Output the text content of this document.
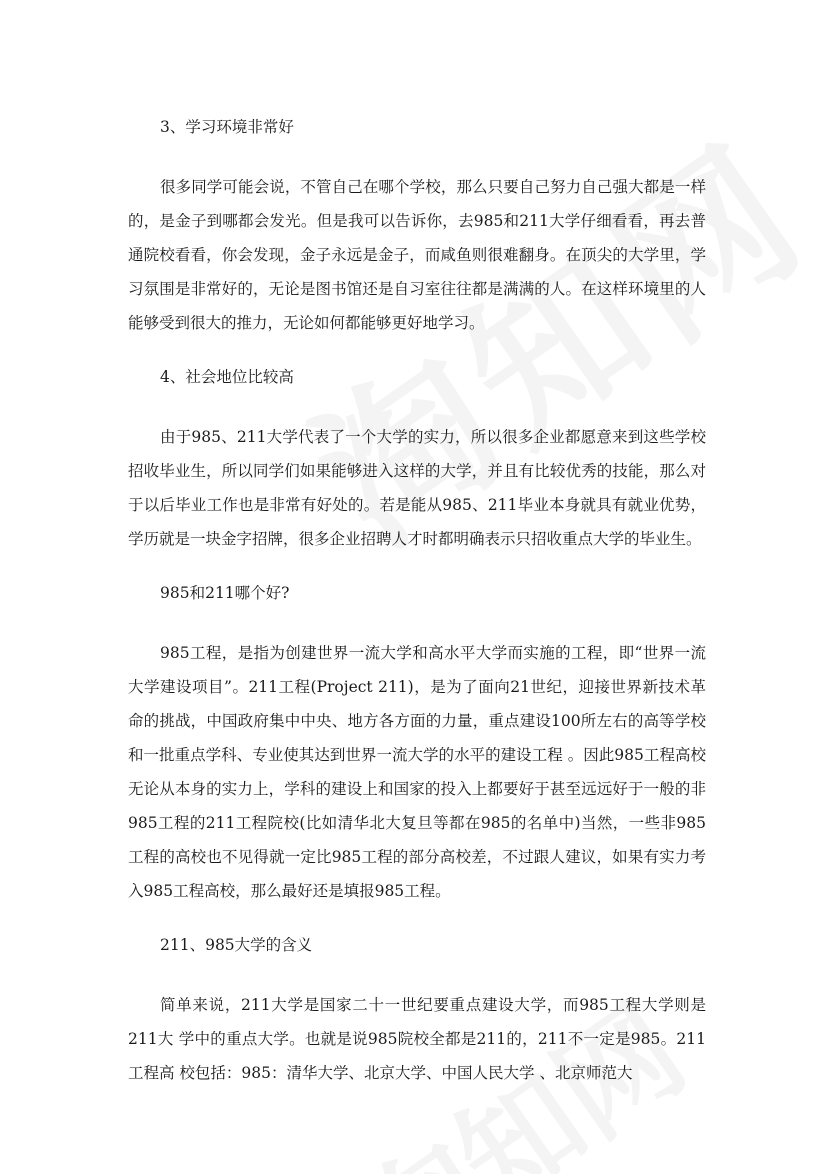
3、学习环境非常好

很多同学可能会说，不管自己在哪个学校，那么只要自己努力自己强大都是一样的，是金子到哪都会发光。但是我可以告诉你，去985和211大学仔细看看，再去普通院校看看，你会发现，金子永远是金子，而咸鱼则很难翻身。在顶尖的大学里，学习氛围是非常好的，无论是图书馆还是自习室往往都是满满的人。在这样环境里的人能够受到很大的推力，无论如何都能够更好地学习。

4、社会地位比较高

由于985、211大学代表了一个大学的实力，所以很多企业都愿意来到这些学校招收毕业生，所以同学们如果能够进入这样的大学，并且有比较优秀的技能，那么对于以后毕业工作也是非常有好处的。若是能从985、211毕业本身就具有就业优势，学历就是一块金字招牌，很多企业招聘人才时都明确表示只招收重点大学的毕业生。

985和211哪个好?

985工程，是指为创建世界一流大学和高水平大学而实施的工程，即“世界一流大学建设项目”。211工程(Project 211)，是为了面向21世纪，迎接世界新技术革命的挑战，中国政府集中中央、地方各方面的力量，重点建设100所左右的高等学校和一批重点学科、专业使其达到世界一流大学的水平的建设工程 。因此985工程高校无论从本身的实力上，学科的建设上和国家的投入上都要好于甚至远远好于一般的非985工程的211工程院校(比如清华北大复旦等都在985的名单中)当然，一些非985工程的高校也不见得就一定比985工程的部分高校差，不过跟人建议，如果有实力考入985工程高校，那么最好还是填报985工程。

211、985大学的含义

简单来说，211大学是国家二十一世纪要重点建设大学，而985工程大学则是211大 学中的重点大学。也就是说985院校全都是211的，211不一定是985。211工程高 校包括：985：清华大学、北京大学、中国人民大学 、北京师范大
